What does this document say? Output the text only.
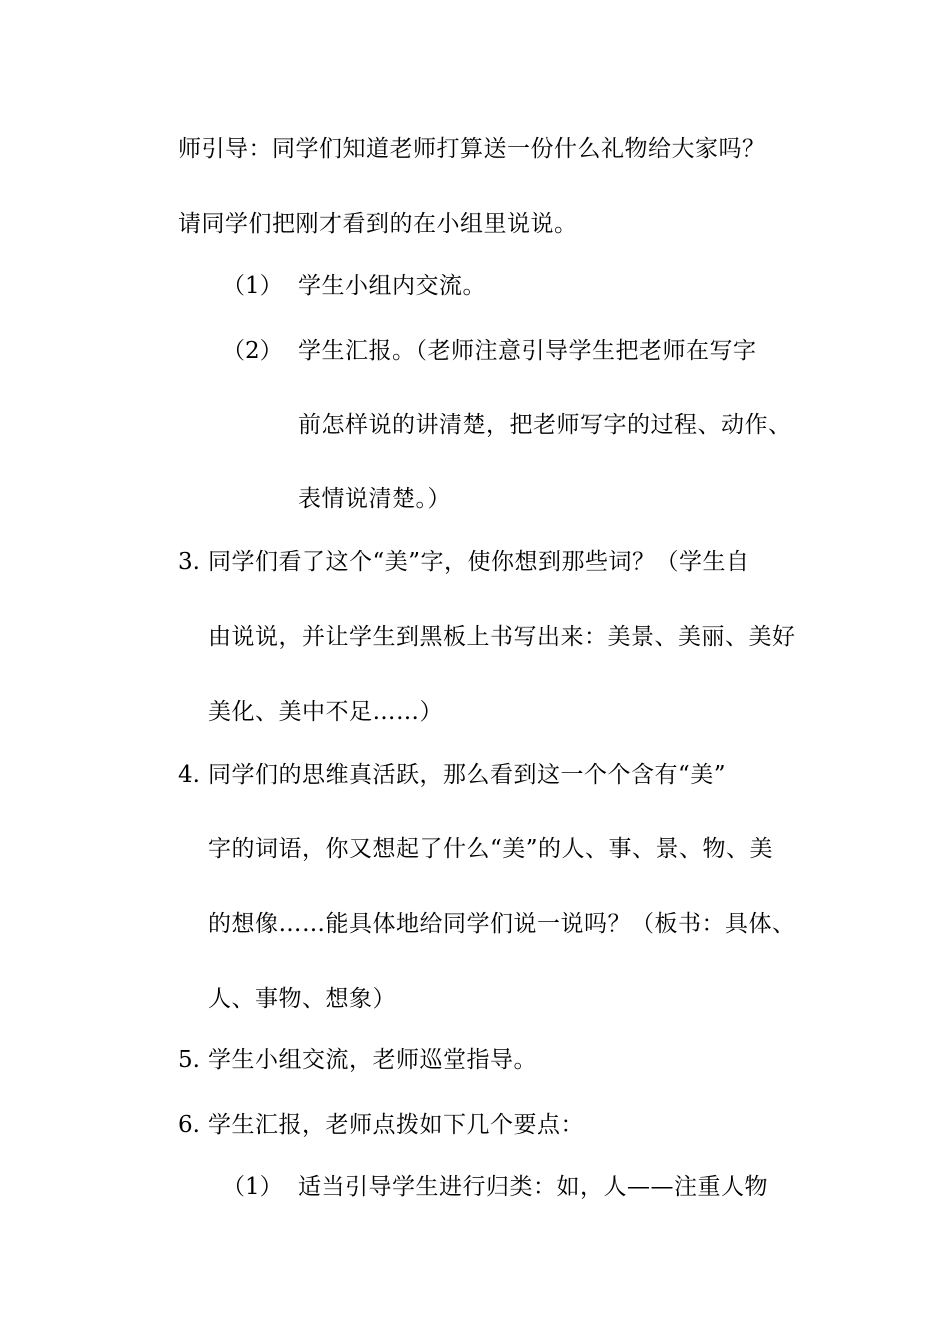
师引导：同学们知道老师打算送一份什么礼物给大家吗？
请同学们把刚才看到的在小组里说说。
（1） 学生小组内交流。
（2） 学生汇报。（老师注意引导学生把老师在写字
前怎样说的讲清楚，把老师写字的过程、动作、
表情说清楚。）
3. 同学们看了这个“美”字，使你想到那些词？（学生自
由说说，并让学生到黑板上书写出来：美景、美丽、美好
美化、美中不足……）
4. 同学们的思维真活跃，那么看到这一个个含有“美”
字的词语，你又想起了什么“美”的人、事、景、物、美
的想像……能具体地给同学们说一说吗？（板书：具体、
人、事物、想象）
5. 学生小组交流，老师巡堂指导。
6. 学生汇报，老师点拨如下几个要点：
（1） 适当引导学生进行归类：如，人——注重人物
